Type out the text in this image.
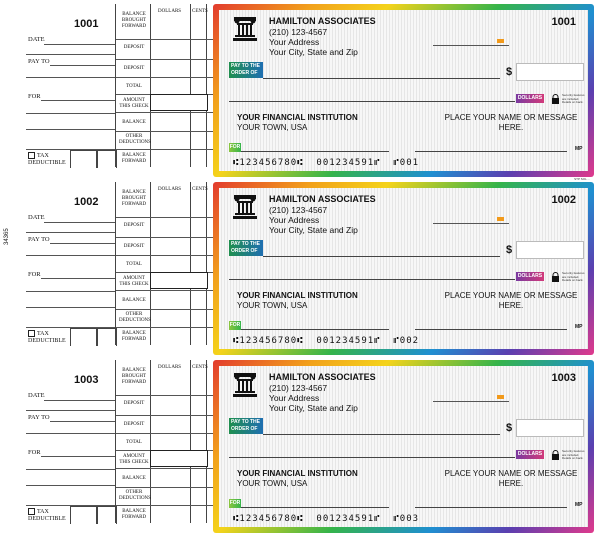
34365
1001
DATE
PAY TO
FOR
TAX
DEDUCTIBLE
DOLLARS CENTS
BALANCE BROUGHT FORWARD
DEPOSIT
DEPOSIT
TOTAL
AMOUNT THIS CHECK
BALANCE
OTHER DEDUCTIONS
BALANCE FORWARD
HAMILTON ASSOCIATES
(210) 123-4567
Your Address
Your City, State and Zip
1001
PAY TO THE ORDER OF	$
DOLLARS	Security features are included. Details on back.
YOUR FINANCIAL INSTITUTION
YOUR TOWN, USA
PLACE YOUR NAME OR MESSAGE HERE.
FOR	MP
⑆123456780⑆  001234591⑈  ⑈001
STP SOL ...
1002
DATE
PAY TO
FOR
TAX
DEDUCTIBLE
DOLLARS CENTS
BALANCE BROUGHT FORWARD
DEPOSIT
DEPOSIT
TOTAL
AMOUNT THIS CHECK
BALANCE
OTHER DEDUCTIONS
BALANCE FORWARD
HAMILTON ASSOCIATES
(210) 123-4567
Your Address
Your City, State and Zip
1002
PAY TO THE ORDER OF	$
DOLLARS	Security features are included. Details on back.
YOUR FINANCIAL INSTITUTION
YOUR TOWN, USA
PLACE YOUR NAME OR MESSAGE HERE.
FOR	MP
⑆123456780⑆  001234591⑈  ⑈002
1003
DATE
PAY TO
FOR
TAX
DEDUCTIBLE
DOLLARS CENTS
BALANCE BROUGHT FORWARD
DEPOSIT
DEPOSIT
TOTAL
AMOUNT THIS CHECK
BALANCE
OTHER DEDUCTIONS
BALANCE FORWARD
HAMILTON ASSOCIATES
(210) 123-4567
Your Address
Your City, State and Zip
1003
PAY TO THE ORDER OF	$
DOLLARS	Security features are included. Details on back.
YOUR FINANCIAL INSTITUTION
YOUR TOWN, USA
PLACE YOUR NAME OR MESSAGE HERE.
FOR	MP
⑆123456780⑆  001234591⑈  ⑈003
